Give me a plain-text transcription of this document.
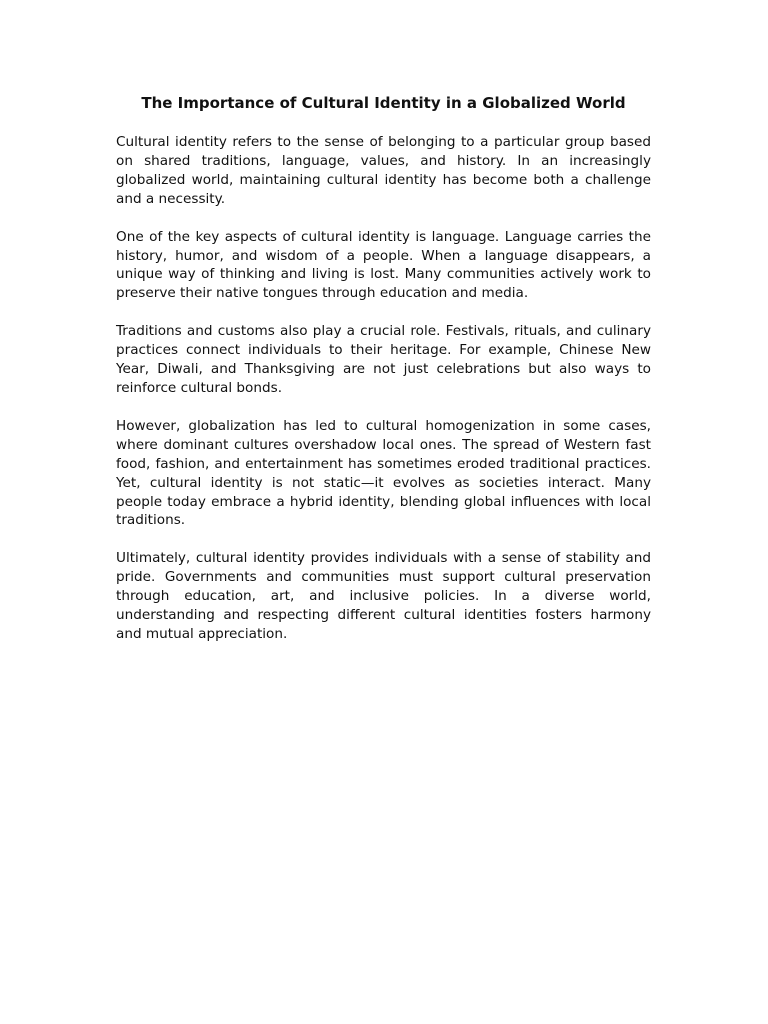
The Importance of Cultural Identity in a Globalized World

Cultural identity refers to the sense of belonging to a particular group based on shared traditions, language, values, and history. In an increasingly globalized world, maintaining cultural identity has become both a challenge and a necessity.

One of the key aspects of cultural identity is language. Language carries the history, humor, and wisdom of a people. When a language disappears, a unique way of thinking and living is lost. Many communities actively work to preserve their native tongues through education and media.

Traditions and customs also play a crucial role. Festivals, rituals, and culinary practices connect individuals to their heritage. For example, Chinese New Year, Diwali, and Thanksgiving are not just celebrations but also ways to reinforce cultural bonds.

However, globalization has led to cultural homogenization in some cases, where dominant cultures overshadow local ones. The spread of Western fast food, fashion, and entertainment has sometimes eroded traditional practices. Yet, cultural identity is not static—it evolves as societies interact. Many people today embrace a hybrid identity, blending global influences with local traditions.

Ultimately, cultural identity provides individuals with a sense of stability and pride. Governments and communities must support cultural preservation through education, art, and inclusive policies. In a diverse world, understanding and respecting different cultural identities fosters harmony and mutual appreciation.
